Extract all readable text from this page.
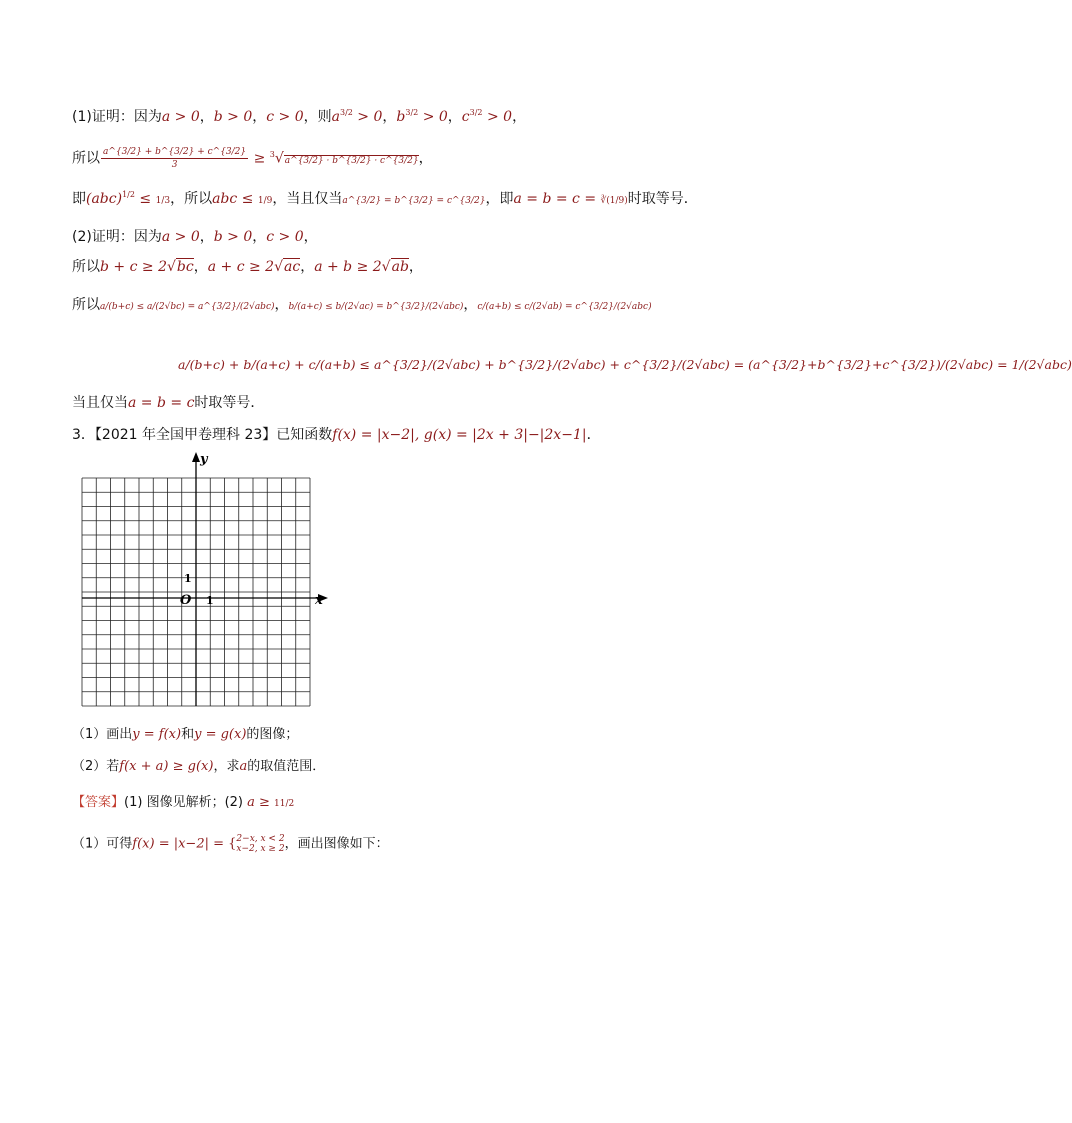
(1)证明：因为a > 0，b > 0，c > 0，则$a^{3/2} > 0$，$b^{3/2} > 0$，$c^{3/2} > 0$，
所以 $\frac{a\^{}\{3/2\} + b\^{}\{3/2\} + c\^{}\{3/2\}}{3}$ ≥ $^3$√a^{3/2} · b^{3/2} · c^{3/2}，
即(abc)$^{1/2}$ ≤ 1/3，所以abc ≤ 1/9，当且仅当a^{3/2} = b^{3/2} = c^{3/2}，即a = b = c = ∛(1/9)时取等号．
(2)证明：因为a > 0，b > 0，c > 0，
所以b + c ≥ 2√bc，a + c ≥ 2√ac，a + b ≥ 2√ab，
所以a/(b+c) ≤ a/(2√bc) = a^{3/2}/(2√abc)，b/(a+c) ≤ b/(2√ac) = b^{3/2}/(2√abc)，c/(a+b) ≤ c/(2√ab) = c^{3/2}/(2√abc)
a/(b+c) + b/(a+c) + c/(a+b) ≤ a^{3/2}/(2√abc) + b^{3/2}/(2√abc) + c^{3/2}/(2√abc) = (a^{3/2}+b^{3/2}+c^{3/2})/(2√abc) = 1/(2√abc)
当且仅当a = b = c时取等号．
3．【2021 年全国甲卷理科 23】已知函数f(x) = |x−2|, g(x) = |2x + 3|−|2x−1|．
x
y
O 1
1
（1）画出y = f(x)和y = g(x)的图像；
（2）若f(x + a) ≥ g(x)，求a的取值范围．
【答案】(1) 图像见解析；(2) a ≥ 11/2
（1）可得f(x) = |x−2| = { 2−x, x < 2
x−2, x ≥ 2 ，画出图像如下：
